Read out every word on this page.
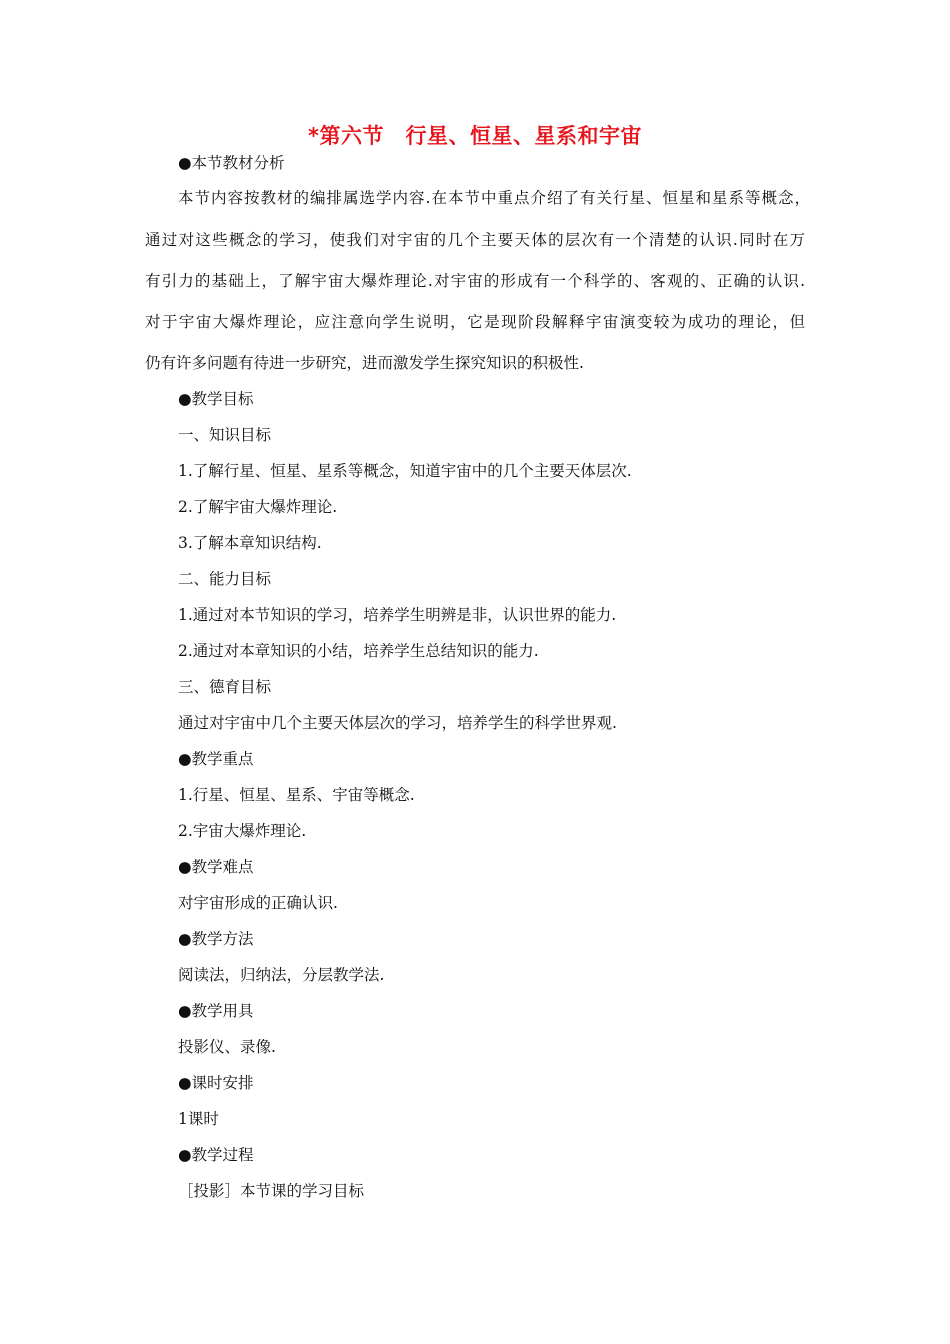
*第六节　行星、恒星、星系和宇宙
●本节教材分析
本节内容按教材的编排属选学内容.在本节中重点介绍了有关行星、恒星和星系等概念，
通过对这些概念的学习，使我们对宇宙的几个主要天体的层次有一个清楚的认识.同时在万
有引力的基础上，了解宇宙大爆炸理论.对宇宙的形成有一个科学的、客观的、正确的认识.
对于宇宙大爆炸理论，应注意向学生说明，它是现阶段解释宇宙演变较为成功的理论，但
仍有许多问题有待进一步研究，进而激发学生探究知识的积极性.
●教学目标
一、知识目标
1.了解行星、恒星、星系等概念，知道宇宙中的几个主要天体层次.
2.了解宇宙大爆炸理论.
3.了解本章知识结构.
二、能力目标
1.通过对本节知识的学习，培养学生明辨是非，认识世界的能力.
2.通过对本章知识的小结，培养学生总结知识的能力.
三、德育目标
通过对宇宙中几个主要天体层次的学习，培养学生的科学世界观.
●教学重点
1.行星、恒星、星系、宇宙等概念.
2.宇宙大爆炸理论.
●教学难点
对宇宙形成的正确认识.
●教学方法
阅读法，归纳法，分层教学法.
●教学用具
投影仪、录像.
●课时安排
1课时
●教学过程
［投影］本节课的学习目标
